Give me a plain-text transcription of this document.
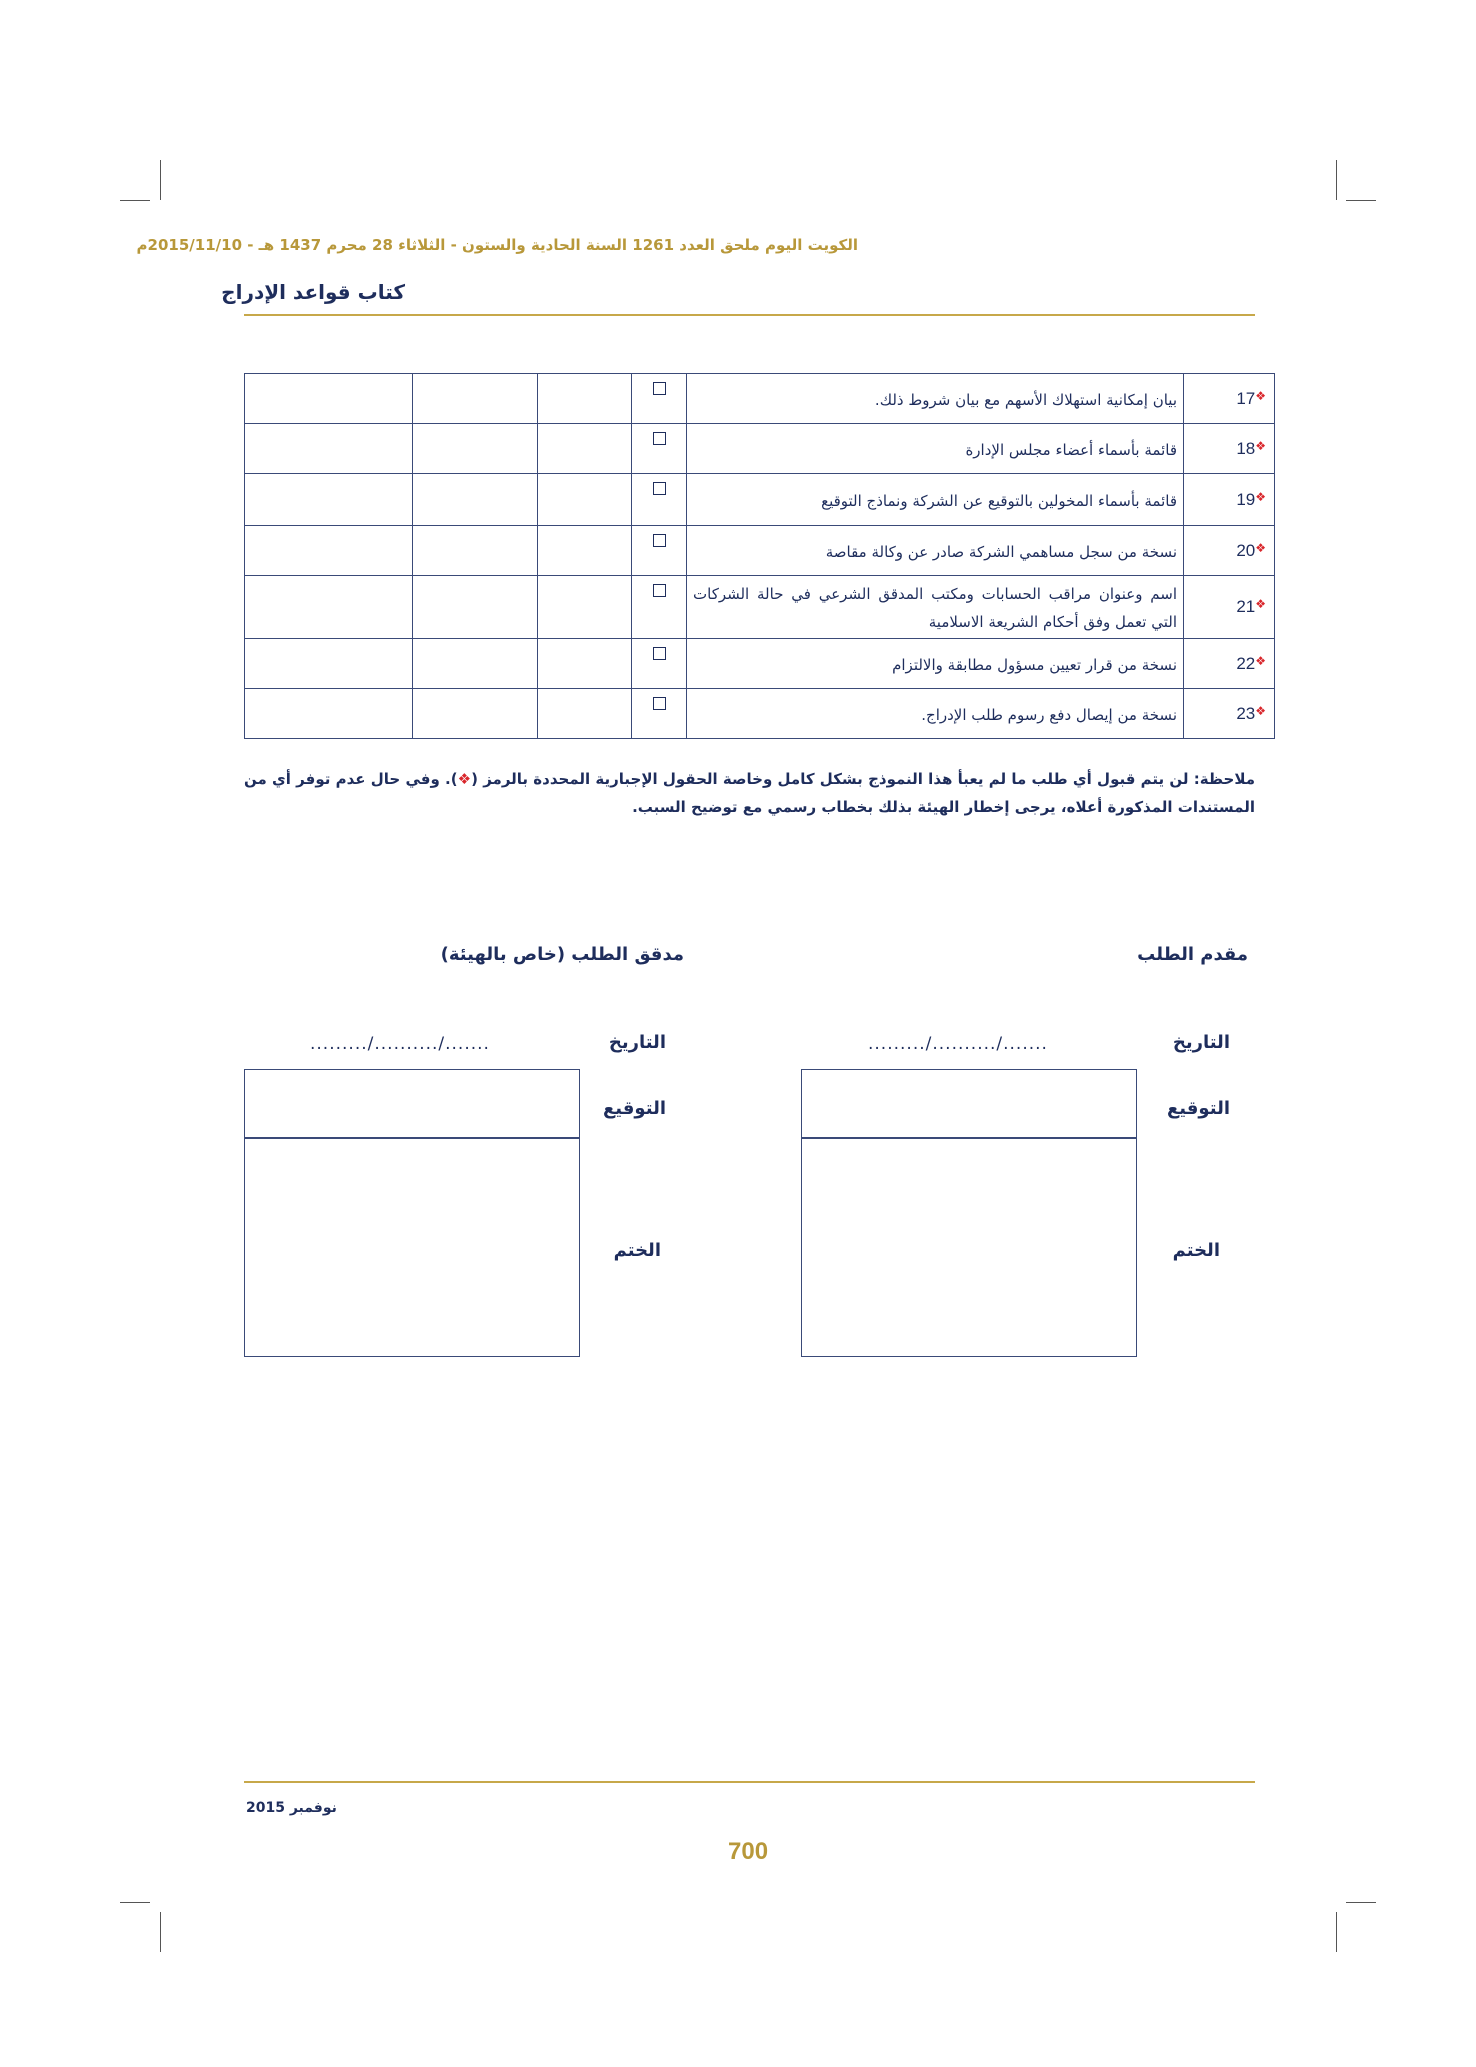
الكويت اليوم ملحق العدد 1261 السنة الحادية والستون - الثلاثاء 28 محرم 1437 هـ - 2015/11/10م
كتاب قواعد الإدراج
❖17	بيان إمكانية استهلاك الأسهم مع بيان شروط ذلك.				
❖18	قائمة بأسماء أعضاء مجلس الإدارة				
❖19	قائمة بأسماء المخولين بالتوقيع عن الشركة ونماذج التوقيع				
❖20	نسخة من سجل مساهمي الشركة صادر عن وكالة مقاصة				
❖21	اسم وعنوان مراقب الحسابات ومكتب المدقق الشرعي في حالة الشركات التي تعمل وفق أحكام الشريعة الاسلامية				
❖22	نسخة من قرار تعيين مسؤول مطابقة والالتزام				
❖23	نسخة من إيصال دفع رسوم طلب الإدراج.				
ملاحظة: لن يتم قبول أي طلب ما لم يعبأ هذا النموذج بشكل كامل وخاصة الحقول الإجبارية المحددة بالرمز (❖). وفي حال عدم توفر أي من المستندات المذكورة أعلاه، يرجى إخطار الهيئة بذلك بخطاب رسمي مع توضيح السبب.
مقدم الطلب
مدقق الطلب (خاص بالهيئة)
التاريخ
........./........../.......
التوقيع
الختم
التاريخ
........./........../.......
التوقيع
الختم
نوفمبر 2015
700
